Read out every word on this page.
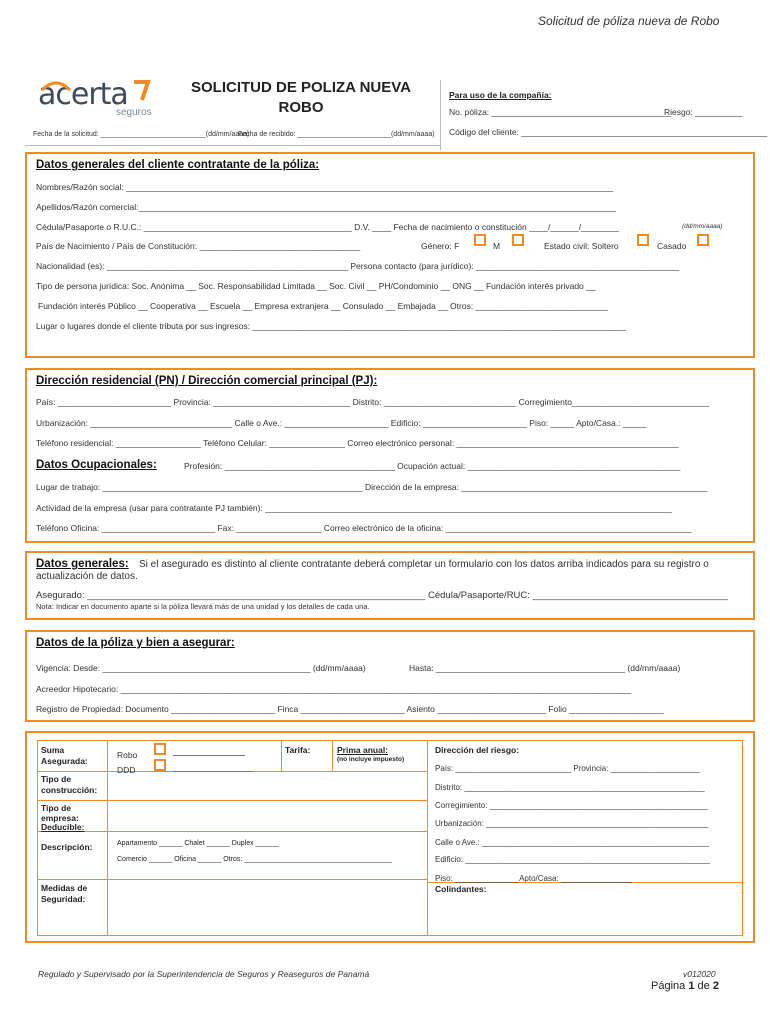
Solicitud de póliza nueva de Robo
acerta
seguros
SOLICITUD DE POLIZA NUEVA
ROBO
Para uso de la compañía:
No. póliza: ______________________________________
Riesgo: __________
Código del cliente: ____________________________________________________
Fecha de la solicitud: ___________________________(dd/mm/aaaa)
Fecha de recibido: ________________________(dd/mm/aaaa)
Datos generales del cliente contratante de la póliza:
Nombres/Razón social: _______________________________________________________________________________________________________
Apellidos/Razón comercial:_____________________________________________________________________________________________________
Cédula/Pasaporte o R.U.C.: ____________________________________________ D.V. ____ Fecha de nacimiento o constitución ____/______/________	(dd/mm/aaaa)
País de Nacimiento / País de Constitución: __________________________________	Género: F	M	Estado civil: Soltero	Casado
Nacionalidad (es): ___________________________________________________ Persona contacto (para jurídico): ___________________________________________
Tipo de persona jurídica: Soc. Anónima __ Soc. Responsabilidad Limitada __ Soc. Civil __ PH/Condominio __ ONG __ Fundación interés privado __
Fundación interés Público __ Cooperativa __ Escuela __ Empresa extranjera __ Consulado __ Embajada __ Otros: ____________________________
Lugar o lugares donde el cliente tributa por sus ingresos: _______________________________________________________________________________
Dirección residencial (PN) / Dirección comercial principal (PJ):
País: ________________________ Provincia: _____________________________ Distrito: ____________________________ Corregimiento_____________________________
Urbanización: ______________________________ Calle o Ave.: ______________________ Edificio: ______________________ Piso: _____ Apto/Casa.: _____
Teléfono residencial: __________________ Teléfono Celular: ________________ Correo electrónico personal: _______________________________________________
Datos Ocupacionales:	Profesión: ____________________________________ Ocupación actual: _____________________________________________
Lugar de trabajo: _______________________________________________________ Dirección de la empresa: ____________________________________________________
Actividad de la empresa (usar para contratante PJ también): ______________________________________________________________________________________
Teléfono Oficina: ________________________ Fax: __________________ Correo electrónico de la oficina: ____________________________________________________
Datos generales:	Si el asegurado es distinto al cliente contratante deberá completar un formulario con los datos arriba indicados para su registro o actualización de datos.
Asegurado: ________________________________________________________________ Cédula/Pasaporte/RUC: _____________________________________
Nota: Indicar en documento aparte si la póliza llevará más de una unidad y los detalles de cada una.
Datos de la póliza y bien a asegurar:
Vigencia: Desde: ____________________________________________ (dd/mm/aaaa)	Hasta: ________________________________________ (dd/mm/aaaa)
Acreedor Hipotecario: ____________________________________________________________________________________________________________
Registro de Propiedad: Documento ______________________ Finca ______________________ Asiento _______________________ Folio ____________________
Suma Asegurada:
Robo
DDD
Tarifa:	Prima anual:
(no incluye impuesto)
Tipo de construcción:
Tipo de empresa:
Deducible:
Descripción:	Apartamento ______ Chalet ______ Duplex ______
Comercio ______ Oficina ______ Otros: ______________________________________
Medidas de Seguridad:
Dirección del riesgo:
País: __________________________ Provincia: ____________________
Distrito: ______________________________________________________
Corregimiento: _________________________________________________
Urbanización: __________________________________________________
Calle o Ave.: ___________________________________________________
Edificio: _______________________________________________________
Piso: ______________ Apto/Casa: ________________
Colindantes:
Regulado y Supervisado por la Superintendencia de Seguros y Reaseguros de Panamá	v012020
Página 1 de 2
